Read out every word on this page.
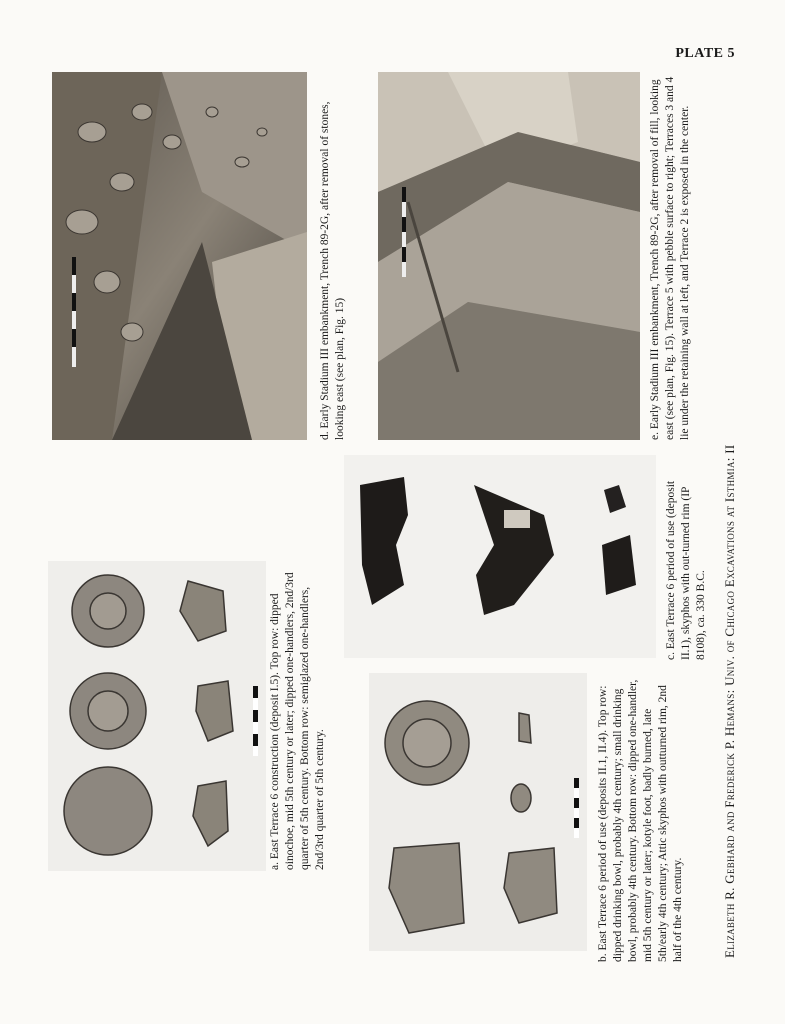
PLATE 5

d. Early Stadium III embankment, Trench 89-2G, after removal of stones, looking east (see plan, Fig. 15)	e. Early Stadium III embankment, Trench 89-2G, after removal of fill, looking east (see plan, Fig. 15). Terrace 5 with pebble surface to right; Terraces 3 and 4 lie under the retaining wall at left, and Terrace 2 is exposed in the center.

c. East Terrace 6 period of use (deposit II.1), skyphos with out-turned rim (IP 8108), ca. 330 B.C.

a. East Terrace 6 construction (deposit I.5). Top row: dipped oinochoe, mid 5th century or later; dipped one-handlers, 2nd/3rd quarter of 5th century. Bottom row: semiglazed one-handlers, 2nd/3rd quarter of 5th century.	b. East Terrace 6 period of use (deposits II.1, II.4). Top row: dipped drinking bowl, probably 4th century; small drinking bowl, probably 4th century. Bottom row: dipped one-handler, mid 5th century or later; kotyle foot, badly burned, late 5th/early 4th century; Attic skyphos with outturned rim, 2nd half of the 4th century.	Elizabeth R. Gebhard and Frederick P. Hemans: Univ. of Chicago Excavations at Isthmia: II
